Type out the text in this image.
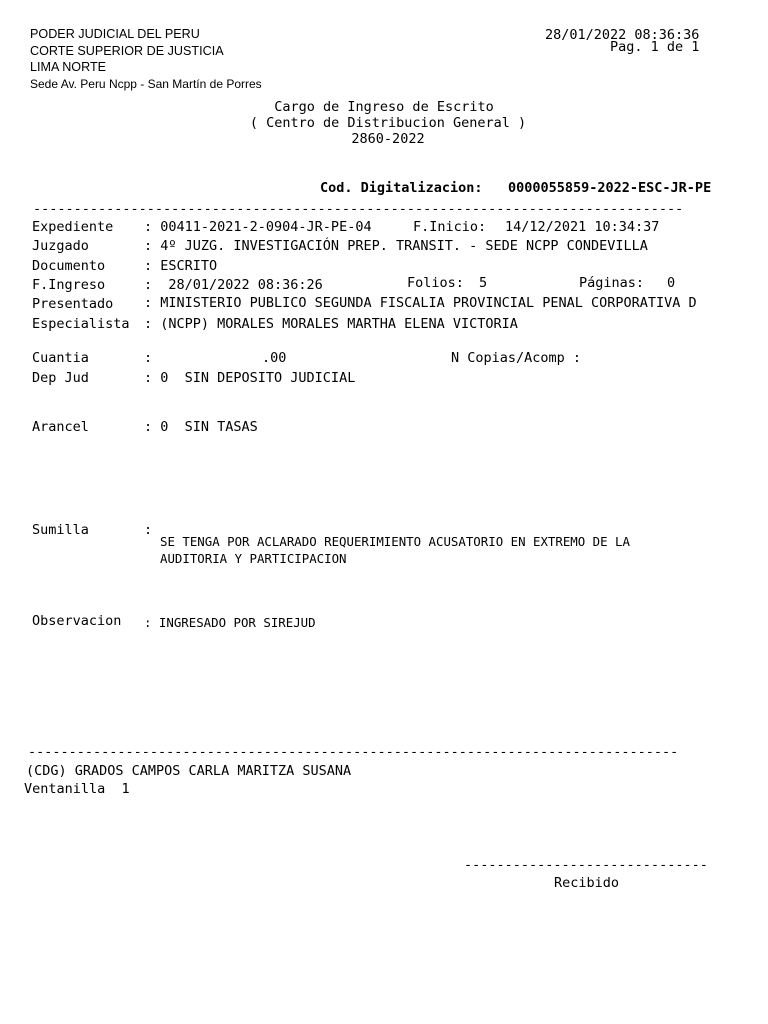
PODER JUDICIAL DEL PERU
CORTE SUPERIOR DE JUSTICIA
LIMA NORTE
Sede Av. Peru Ncpp - San Martín de Porres
28/01/2022 08:36:36
Pag. 1 de 1
Cargo de Ingreso de Escrito
( Centro de Distribucion General )
2860-2022
Cod. Digitalizacion: 0000055859-2022-ESC-JR-PE
--------------------------------------------------------------------------------
Expediente : 00411-2021-2-0904-JR-PE-04	F.Inicio: 14/12/2021 10:34:37
Juzgado	: 4º JUZG. INVESTIGACIÓN PREP. TRANSIT. - SEDE NCPP CONDEVILLA
Documento	: ESCRITO
F.Ingreso	:  28/01/2022 08:36:26	Folios: 5	Páginas: 0
Presentado : MINISTERIO PUBLICO SEGUNDA FISCALIA PROVINCIAL PENAL CORPORATIVA D
Especialista : (NCPP) MORALES MORALES MARTHA ELENA VICTORIA
Cuantia	:	.00	N Copias/Acomp :
Dep Jud	: 0  SIN DEPOSITO JUDICIAL
Arancel	: 0  SIN TASAS
Sumilla	:
SE TENGA POR ACLARADO REQUERIMIENTO ACUSATORIO EN EXTREMO DE LA
AUDITORIA Y PARTICIPACION
Observacion : INGRESADO POR SIREJUD
--------------------------------------------------------------------------------
(CDG) GRADOS CAMPOS CARLA MARITZA SUSANA
Ventanilla  1
------------------------------
Recibido
